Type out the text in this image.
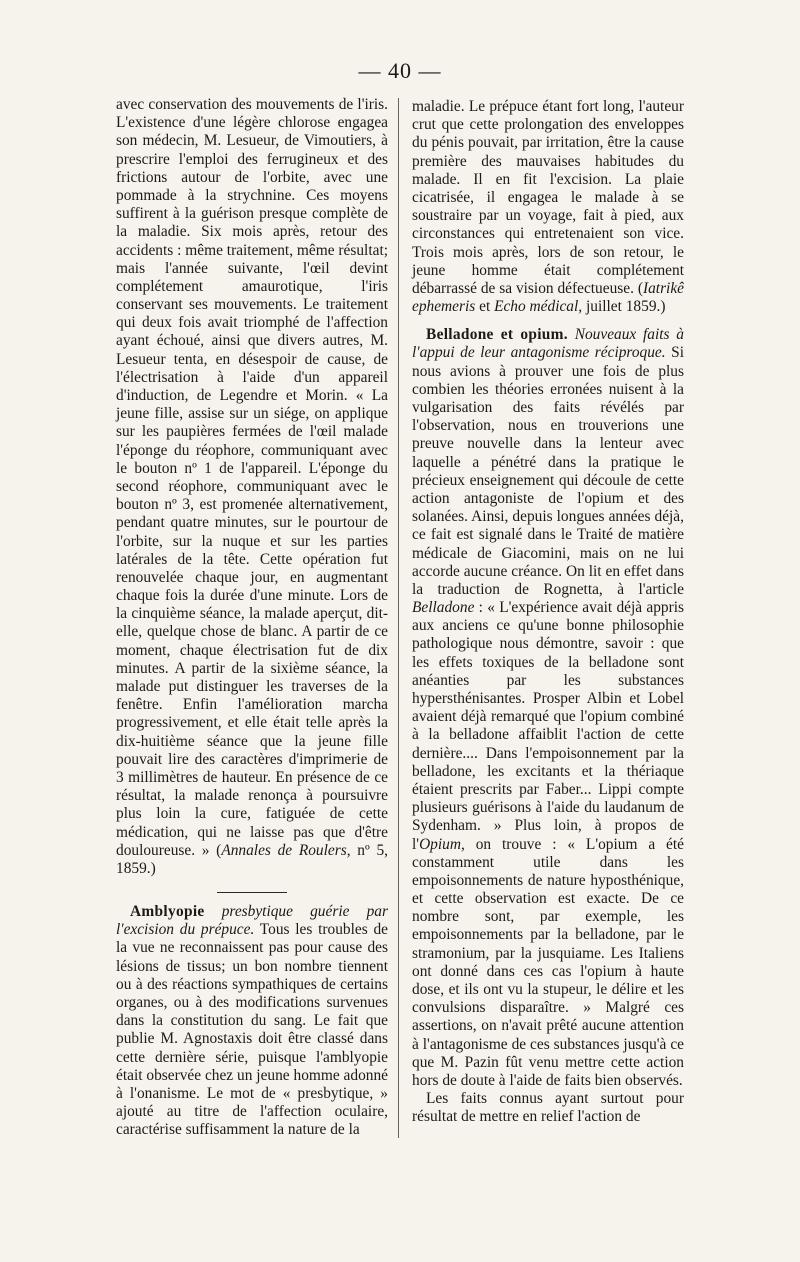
— 40 —

avec conservation des mouvements de l'iris. L'existence d'une légère chlorose engagea son médecin, M. Lesueur, de Vimoutiers, à prescrire l'emploi des ferrugineux et des frictions autour de l'orbite, avec une pommade à la strychnine. Ces moyens suffirent à la guérison presque complète de la maladie. Six mois après, retour des accidents : même traitement, même résultat; mais l'année suivante, l'œil devint complétement amaurotique, l'iris conservant ses mouvements. Le traitement qui deux fois avait triomphé de l'affection ayant échoué, ainsi que divers autres, M. Lesueur tenta, en désespoir de cause, de l'électrisation à l'aide d'un appareil d'induction, de Legendre et Morin. « La jeune fille, assise sur un siége, on applique sur les paupières fermées de l'œil malade l'éponge du réophore, communiquant avec le bouton nº 1 de l'appareil. L'éponge du second réophore, communiquant avec le bouton nº 3, est promenée alternativement, pendant quatre minutes, sur le pourtour de l'orbite, sur la nuque et sur les parties latérales de la tête. Cette opération fut renouvelée chaque jour, en augmentant chaque fois la durée d'une minute. Lors de la cinquième séance, la malade aperçut, dit-elle, quelque chose de blanc. A partir de ce moment, chaque électrisation fut de dix minutes. A partir de la sixième séance, la malade put distinguer les traverses de la fenêtre. Enfin l'amélioration marcha progressivement, et elle était telle après la dix-huitième séance que la jeune fille pouvait lire des caractères d'imprimerie de 3 millimètres de hauteur. En présence de ce résultat, la malade renonça à poursuivre plus loin la cure, fatiguée de cette médication, qui ne laisse pas que d'être douloureuse. » (Annales de Roulers, nº 5, 1859.)

Amblyopie presbytique guérie par l'excision du prépuce. Tous les troubles de la vue ne reconnaissent pas pour cause des lésions de tissus; un bon nombre tiennent ou à des réactions sympathiques de certains organes, ou à des modifications survenues dans la constitution du sang. Le fait que publie M. Agnostaxis doit être classé dans cette dernière série, puisque l'amblyopie était observée chez un jeune homme adonné à l'onanisme. Le mot de « presbytique, » ajouté au titre de l'affection oculaire, caractérise suffisamment la nature de la

maladie. Le prépuce étant fort long, l'auteur crut que cette prolongation des enveloppes du pénis pouvait, par irritation, être la cause première des mauvaises habitudes du malade. Il en fit l'excision. La plaie cicatrisée, il engagea le malade à se soustraire par un voyage, fait à pied, aux circonstances qui entretenaient son vice. Trois mois après, lors de son retour, le jeune homme était complétement débarrassé de sa vision défectueuse. (Iatrikê ephemeris et Echo médical, juillet 1859.)

Belladone et opium. Nouveaux faits à l'appui de leur antagonisme réciproque. Si nous avions à prouver une fois de plus combien les théories erronées nuisent à la vulgarisation des faits révélés par l'observation, nous en trouverions une preuve nouvelle dans la lenteur avec laquelle a pénétré dans la pratique le précieux enseignement qui découle de cette action antagoniste de l'opium et des solanées. Ainsi, depuis longues années déjà, ce fait est signalé dans le Traité de matière médicale de Giacomini, mais on ne lui accorde aucune créance. On lit en effet dans la traduction de Rognetta, à l'article Belladone : « L'expérience avait déjà appris aux anciens ce qu'une bonne philosophie pathologique nous démontre, savoir : que les effets toxiques de la belladone sont anéanties par les substances hypersthénisantes. Prosper Albin et Lobel avaient déjà remarqué que l'opium combiné à la belladone affaiblit l'action de cette dernière.... Dans l'empoisonnement par la belladone, les excitants et la thériaque étaient prescrits par Faber... Lippi compte plusieurs guérisons à l'aide du laudanum de Sydenham. » Plus loin, à propos de l'Opium, on trouve : « L'opium a été constamment utile dans les empoisonnements de nature hyposthénique, et cette observation est exacte. De ce nombre sont, par exemple, les empoisonnements par la belladone, par le stramonium, par la jusquiame. Les Italiens ont donné dans ces cas l'opium à haute dose, et ils ont vu la stupeur, le délire et les convulsions disparaître. » Malgré ces assertions, on n'avait prêté aucune attention à l'antagonisme de ces substances jusqu'à ce que M. Pazin fût venu mettre cette action hors de doute à l'aide de faits bien observés.

Les faits connus ayant surtout pour résultat de mettre en relief l'action de
